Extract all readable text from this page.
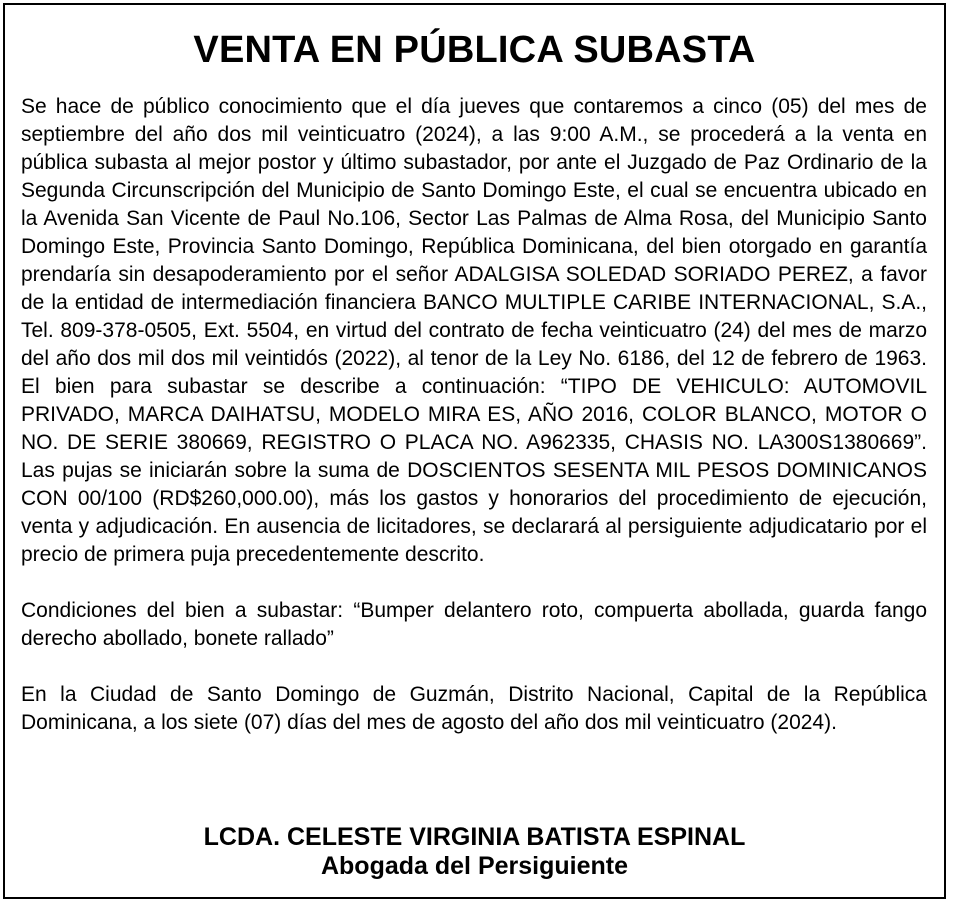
VENTA EN PÚBLICA SUBASTA

Se hace de público conocimiento que el día jueves que contaremos a cinco (05) del mes de septiembre del año dos mil veinticuatro (2024), a las 9:00 A.M., se procederá a la venta en pública subasta al mejor postor y último subastador, por ante el Juzgado de Paz Ordinario de la Segunda Circunscripción del Municipio de Santo Domingo Este, el cual se encuentra ubicado en la Avenida San Vicente de Paul No.106, Sector Las Palmas de Alma Rosa, del Municipio Santo Domingo Este, Provincia Santo Domingo, República Dominicana, del bien otorgado en garantía prendaría sin desapoderamiento por el señor ADALGISA SOLEDAD SORIADO PEREZ, a favor de la entidad de intermediación financiera BANCO MULTIPLE CARIBE INTERNACIONAL, S.A., Tel. 809-378-0505, Ext. 5504, en virtud del contrato de fecha veinticuatro (24) del mes de marzo del año dos mil dos mil veintidós (2022), al tenor de la Ley No. 6186, del 12 de febrero de 1963. El bien para subastar se describe a continuación: “TIPO DE VEHICULO: AUTOMOVIL PRIVADO, MARCA DAIHATSU, MODELO MIRA ES, AÑO 2016, COLOR BLANCO, MOTOR O NO. DE SERIE 380669, REGISTRO O PLACA NO. A962335, CHASIS NO. LA300S1380669”. Las pujas se iniciarán sobre la suma de DOSCIENTOS SESENTA MIL PESOS DOMINICANOS CON 00/100 (RD$260,000.00), más los gastos y honorarios del procedimiento de ejecución, venta y adjudicación. En ausencia de licitadores, se declarará al persiguiente adjudicatario por el precio de primera puja precedentemente descrito.

Condiciones del bien a subastar: “Bumper delantero roto, compuerta abollada, guarda fango derecho abollado, bonete rallado”

En la Ciudad de Santo Domingo de Guzmán, Distrito Nacional, Capital de la República Dominicana, a los siete (07) días del mes de agosto del año dos mil veinticuatro (2024).

LCDA. CELESTE VIRGINIA BATISTA ESPINAL
Abogada del Persiguiente
